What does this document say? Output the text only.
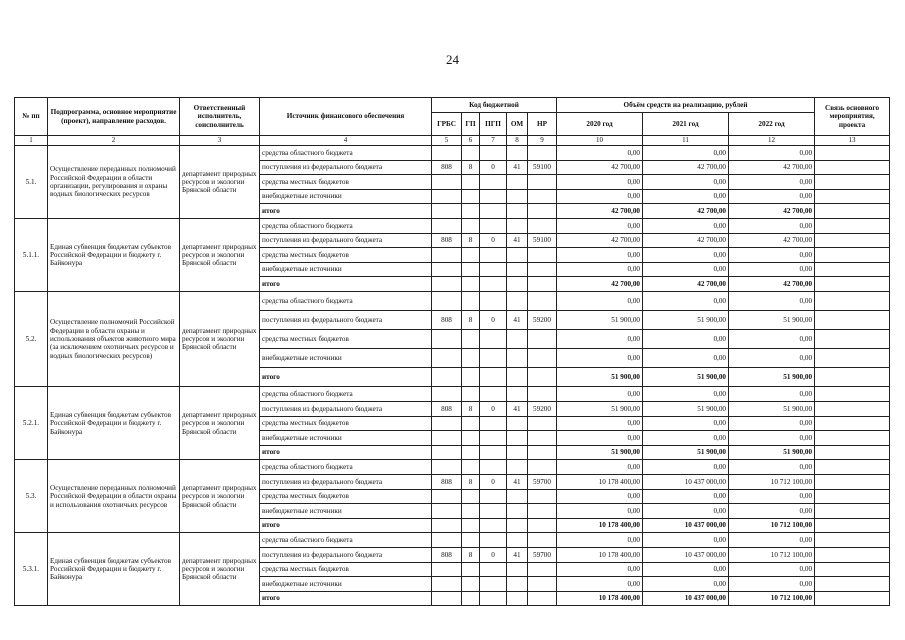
24
№ пп	Подпрограмма, основное мероприятие (проект), направление расходов.	Ответственный исполнитель, соисполнитель	Источник финансового обеспечения	Код бюджетной					Объём средств на реализацию, рублей			Связь основного мероприятия, проекта
				ГРБС	ГП	ПГП	ОМ	НР	2020 год	2021 год	2022 год	
1	2	3	4	5	6	7	8	9	10	11	12	13
5.1.	Осуществление переданных полномочий Российской Федерации в области организации, регулирования и охраны водных биологических ресурсов	департамент природных ресурсов и экологии Брянской области	средства областного бюджета						0,00	0,00	0,00	
			поступления из федерального бюджета	808	8	0	41	59100	42 700,00	42 700,00	42 700,00	
			средства местных бюджетов						0,00	0,00	0,00	
			внебюджетные источники						0,00	0,00	0,00	
			итого						42 700,00	42 700,00	42 700,00	
5.1.1.	Единая субвенция бюджетам субъектов Российской Федерации и бюджету г. Байконура	департамент природных ресурсов и экологии Брянской области	средства областного бюджета						0,00	0,00	0,00	
			поступления из федерального бюджета	808	8	0	41	59100	42 700,00	42 700,00	42 700,00	
			средства местных бюджетов						0,00	0,00	0,00	
			внебюджетные источники						0,00	0,00	0,00	
			итого						42 700,00	42 700,00	42 700,00	
5.2.	Осуществление полномочий Российской Федерации в области охраны и использования объектов животного мира (за исключением охотничьих ресурсов и водных биологических ресурсов)	департамент природных ресурсов и экологии Брянской области	средства областного бюджета						0,00	0,00	0,00	
			поступления из федерального бюджета	808	8	0	41	59200	51 900,00	51 900,00	51 900,00	
			средства местных бюджетов						0,00	0,00	0,00	
			внебюджетные источники						0,00	0,00	0,00	
			итого						51 900,00	51 900,00	51 900,00	
5.2.1.	Единая субвенция бюджетам субъектов Российской Федерации и бюджету г. Байконура	департамент природных ресурсов и экологии Брянской области	средства областного бюджета						0,00	0,00	0,00	
			поступления из федерального бюджета	808	8	0	41	59200	51 900,00	51 900,00	51 900,00	
			средства местных бюджетов						0,00	0,00	0,00	
			внебюджетные источники						0,00	0,00	0,00	
			итого						51 900,00	51 900,00	51 900,00	
5.3.	Осуществление переданных полномочий Российской Федерации в области охраны и использования охотничьих ресурсов	департамент природных ресурсов и экологии Брянской области	средства областного бюджета						0,00	0,00	0,00	
			поступления из федерального бюджета	808	8	0	41	59700	10 178 400,00	10 437 000,00	10 712 100,00	
			средства местных бюджетов						0,00	0,00	0,00	
			внебюджетные источники						0,00	0,00	0,00	
			итого						10 178 400,00	10 437 000,00	10 712 100,00	
5.3.1.	Единая субвенция бюджетам субъектов Российской Федерации и бюджету г. Байконура	департамент природных ресурсов и экологии Брянской области	средства областного бюджета						0,00	0,00	0,00	
			поступления из федерального бюджета	808	8	0	41	59700	10 178 400,00	10 437 000,00	10 712 100,00	
			средства местных бюджетов						0,00	0,00	0,00	
			внебюджетные источники						0,00	0,00	0,00	
			итого						10 178 400,00	10 437 000,00	10 712 100,00	
